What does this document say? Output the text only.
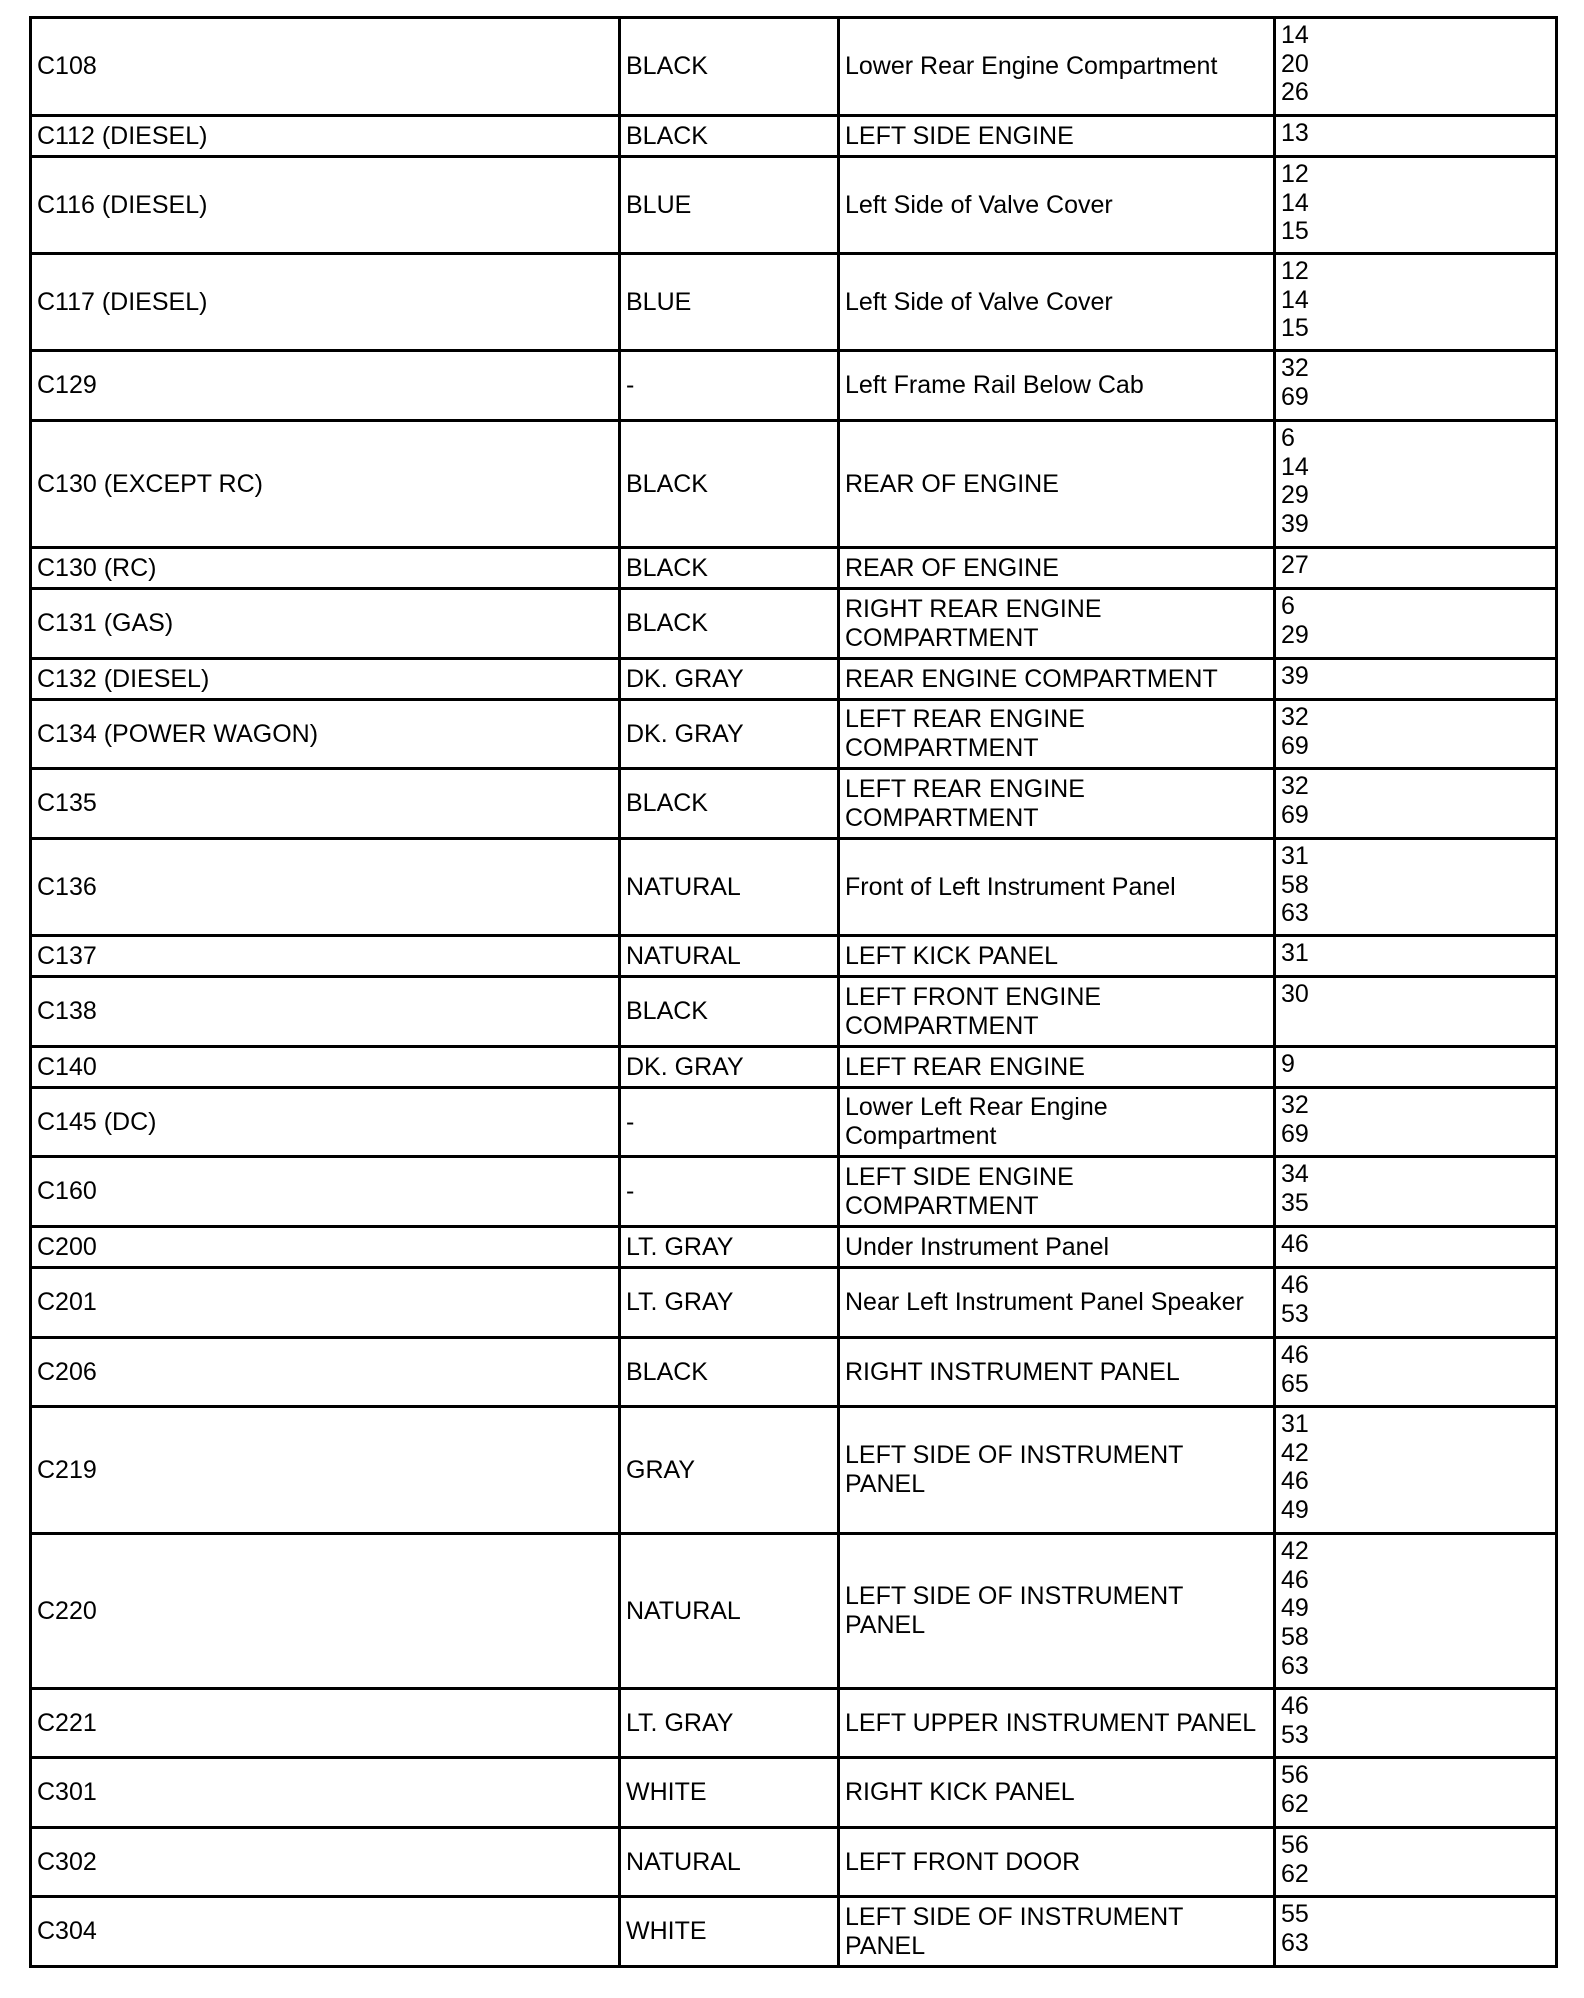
C108	BLACK	Lower Rear Engine Compartment	14
20
26

C112 (DIESEL)	BLACK	LEFT SIDE ENGINE	13

C116 (DIESEL)	BLUE	Left Side of Valve Cover	12
14
15

C117 (DIESEL)	BLUE	Left Side of Valve Cover	12
14
15

C129	-	Left Frame Rail Below Cab	32
69

C130 (EXCEPT RC)	BLACK	REAR OF ENGINE	6
14
29
39

C130 (RC)	BLACK	REAR OF ENGINE	27

C131 (GAS)	BLACK	RIGHT REAR ENGINE
COMPARTMENT	6
29

C132 (DIESEL)	DK. GRAY	REAR ENGINE COMPARTMENT	39

C134 (POWER WAGON)	DK. GRAY	LEFT REAR ENGINE
COMPARTMENT	32
69

C135	BLACK	LEFT REAR ENGINE
COMPARTMENT	32
69

C136	NATURAL	Front of Left Instrument Panel	31
58
63

C137	NATURAL	LEFT KICK PANEL	31

C138	BLACK	LEFT FRONT ENGINE
COMPARTMENT	30

C140	DK. GRAY	LEFT REAR ENGINE	9

C145 (DC)	-	Lower Left Rear Engine
Compartment	32
69

C160	-	LEFT SIDE ENGINE
COMPARTMENT	34
35

C200	LT. GRAY	Under Instrument Panel	46

C201	LT. GRAY	Near Left Instrument Panel Speaker	46
53

C206	BLACK	RIGHT INSTRUMENT PANEL	46
65

C219	GRAY	LEFT SIDE OF INSTRUMENT
PANEL	31
42
46
49

C220	NATURAL	LEFT SIDE OF INSTRUMENT
PANEL	42
46
49
58
63

C221	LT. GRAY	LEFT UPPER INSTRUMENT PANEL	46
53

C301	WHITE	RIGHT KICK PANEL	56
62

C302	NATURAL	LEFT FRONT DOOR	56
62

C304	WHITE	LEFT SIDE OF INSTRUMENT
PANEL	55
63
